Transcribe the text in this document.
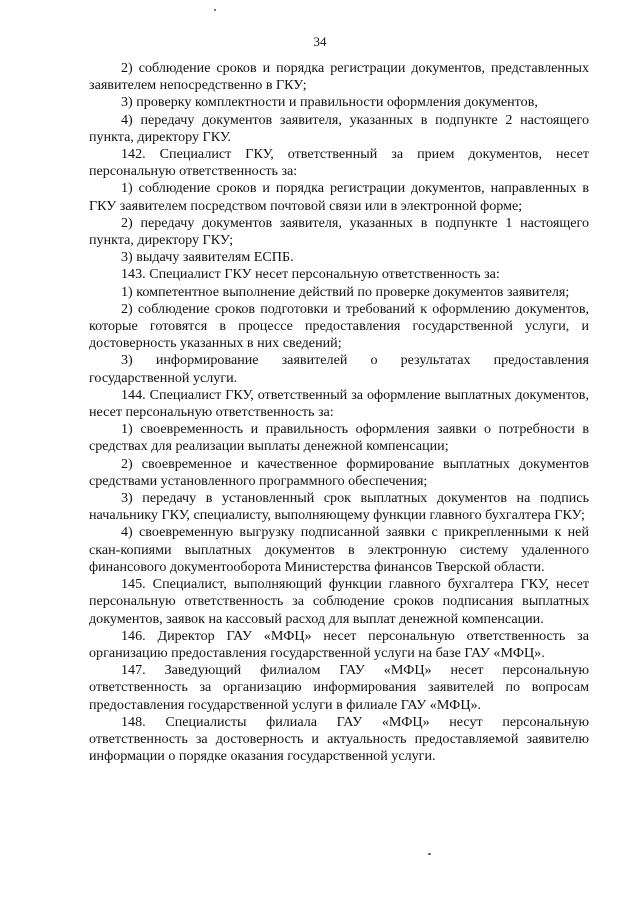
34

2) соблюдение сроков и порядка регистрации документов, представленных заявителем непосредственно в ГКУ;

3) проверку комплектности и правильности оформления документов,

4) передачу документов заявителя, указанных в подпункте 2 настоящего пункта, директору ГКУ.

142. Специалист ГКУ, ответственный за прием документов, несет персональную ответственность за:

1) соблюдение сроков и порядка регистрации документов, направленных в ГКУ заявителем посредством почтовой связи или в электронной форме;

2) передачу документов заявителя, указанных в подпункте 1 настоящего пункта, директору ГКУ;

3) выдачу заявителям ЕСПБ.

143. Специалист ГКУ несет персональную ответственность за:

1) компетентное выполнение действий по проверке документов заявителя;

2) соблюдение сроков подготовки и требований к оформлению документов, которые готовятся в процессе предоставления государственной услуги, и достоверность указанных в них сведений;

3) информирование заявителей о результатах предоставления государственной услуги.

144. Специалист ГКУ, ответственный за оформление выплатных документов, несет персональную ответственность за:

1) своевременность и правильность оформления заявки о потребности в средствах для реализации выплаты денежной компенсации;

2) своевременное и качественное формирование выплатных документов средствами установленного программного обеспечения;

3) передачу в установленный срок выплатных документов на подпись начальнику ГКУ, специалисту, выполняющему функции главного бухгалтера ГКУ;

4) своевременную выгрузку подписанной заявки с прикрепленными к ней скан-копиями выплатных документов в электронную систему удаленного финансового документооборота Министерства финансов Тверской области.

145. Специалист, выполняющий функции главного бухгалтера ГКУ, несет персональную ответственность за соблюдение сроков подписания выплатных документов, заявок на кассовый расход для выплат денежной компенсации.

146. Директор ГАУ «МФЦ» несет персональную ответственность за организацию предоставления государственной услуги на базе ГАУ «МФЦ».

147. Заведующий филиалом ГАУ «МФЦ» несет персональную ответственность за организацию информирования заявителей по вопросам предоставления государственной услуги в филиале ГАУ «МФЦ».

148. Специалисты филиала ГАУ «МФЦ» несут персональную ответственность за достоверность и актуальность предоставляемой заявителю информации о порядке оказания государственной услуги.
